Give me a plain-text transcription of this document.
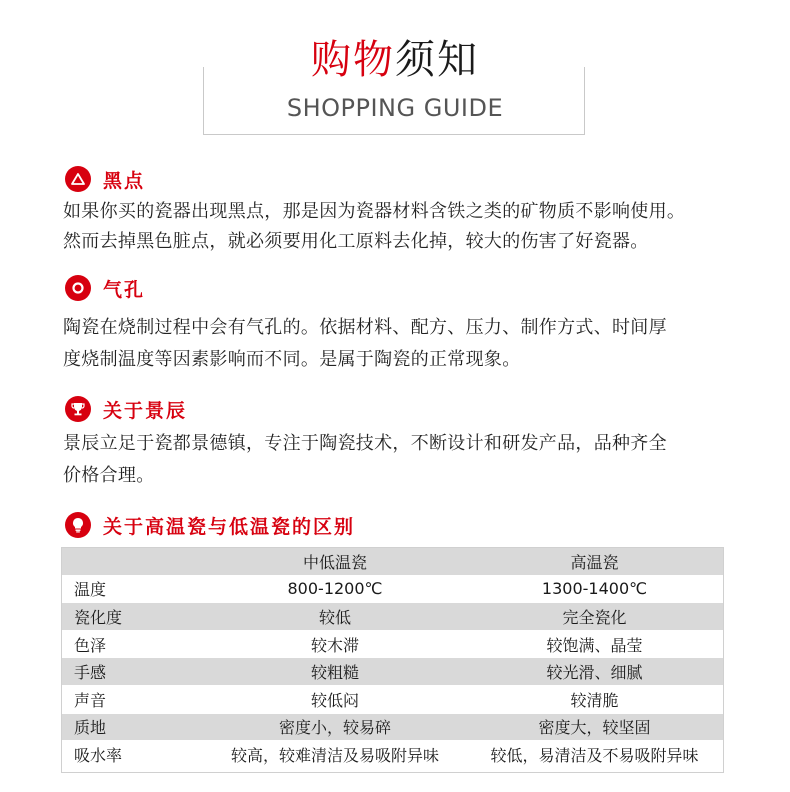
购物须知
SHOPPING GUIDE
黑点
如果你买的瓷器出现黑点，那是因为瓷器材料含铁之类的矿物质不影响使用。
然而去掉黑色脏点，就必须要用化工原料去化掉，较大的伤害了好瓷器。
气孔
陶瓷在烧制过程中会有气孔的。依据材料、配方、压力、制作方式、时间厚
度烧制温度等因素影响而不同。是属于陶瓷的正常现象。
关于景辰
景辰立足于瓷都景德镇，专注于陶瓷技术，不断设计和研发产品，品种齐全
价格合理。
关于高温瓷与低温瓷的区别
	中低温瓷	高温瓷
温度	800-1200℃	1300-1400℃
瓷化度	较低	完全瓷化
色泽	较木滞	较饱满、晶莹
手感	较粗糙	较光滑、细腻
声音	较低闷	较清脆
质地	密度小，较易碎	密度大，较坚固
吸水率	较高，较难清洁及易吸附异味	较低，易清洁及不易吸附异味
